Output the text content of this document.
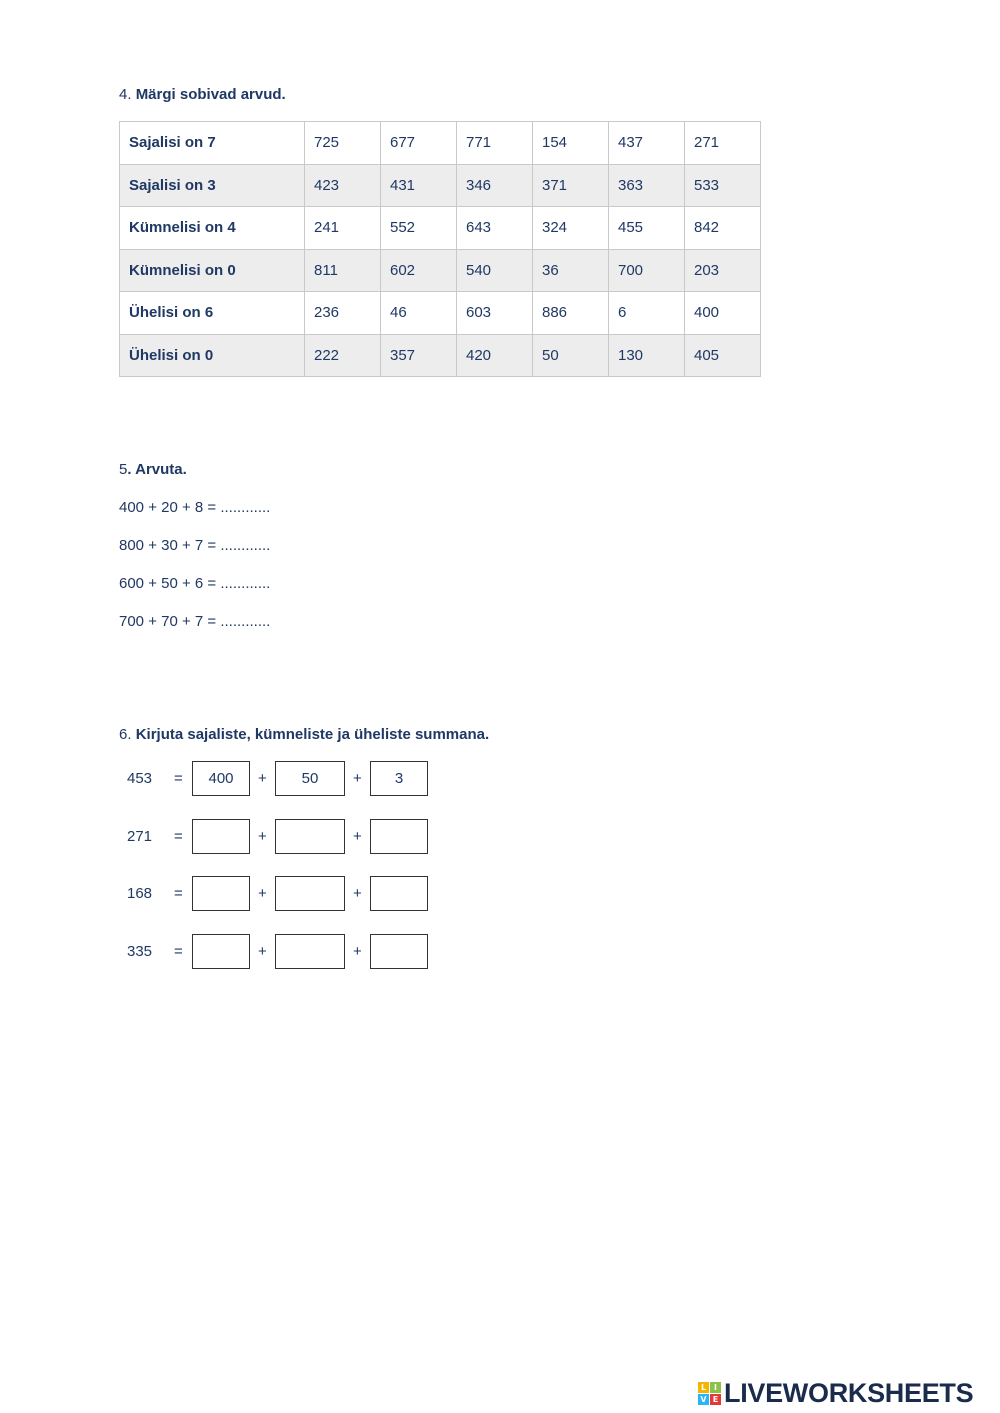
4. Märgi sobivad arvud.
Sajalisi on 7	725	677	771	154	437	271
Sajalisi on 3	423	431	346	371	363	533
Kümnelisi on 4	241	552	643	324	455	842
Kümnelisi on 0	811	602	540	36	700	203
Ühelisi on 6	236	46	603	886	6	400
Ühelisi on 0	222	357	420	50	130	405
5. Arvuta.
400 + 20 + 8 = ............
800 + 30 + 7 = ............
600 + 50 + 6 = ............
700 + 70 + 7 = ............
6. Kirjuta sajaliste, kümneliste ja üheliste summana.
453 =	400	+	50	+	3
271 =	+	+
168 =	+	+
335 =	+	+
L I
V E LIVEWORKSHEETS
